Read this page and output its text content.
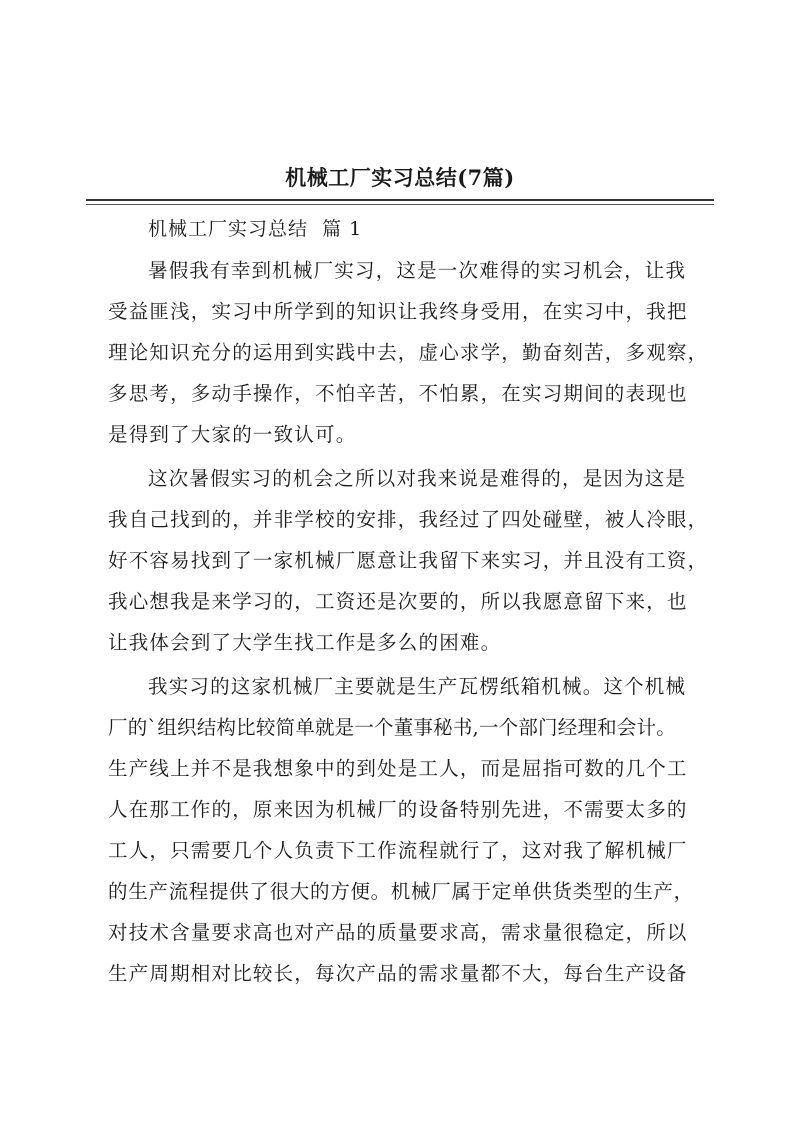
机械工厂实习总结(7篇)
机械工厂实习总结  篇 1
暑假我有幸到机械厂实习，这是一次难得的实习机会，让我
受益匪浅，实习中所学到的知识让我终身受用，在实习中，我把
理论知识充分的运用到实践中去，虚心求学，勤奋刻苦，多观察，
多思考，多动手操作，不怕辛苦，不怕累，在实习期间的表现也
是得到了大家的一致认可。
这次暑假实习的机会之所以对我来说是难得的，是因为这是
我自己找到的，并非学校的安排，我经过了四处碰壁，被人冷眼，
好不容易找到了一家机械厂愿意让我留下来实习，并且没有工资，
我心想我是来学习的，工资还是次要的，所以我愿意留下来，也
让我体会到了大学生找工作是多么的困难。
我实习的这家机械厂主要就是生产瓦楞纸箱机械。这个机械
厂的`组织结构比较简单就是一个董事秘书,一个部门经理和会计。
生产线上并不是我想象中的到处是工人，而是屈指可数的几个工
人在那工作的，原来因为机械厂的设备特别先进，不需要太多的
工人，只需要几个人负责下工作流程就行了，这对我了解机械厂
的生产流程提供了很大的方便。机械厂属于定单供货类型的生产，
对技术含量要求高也对产品的质量要求高，需求量很稳定，所以
生产周期相对比较长，每次产品的需求量都不大，每台生产设备
